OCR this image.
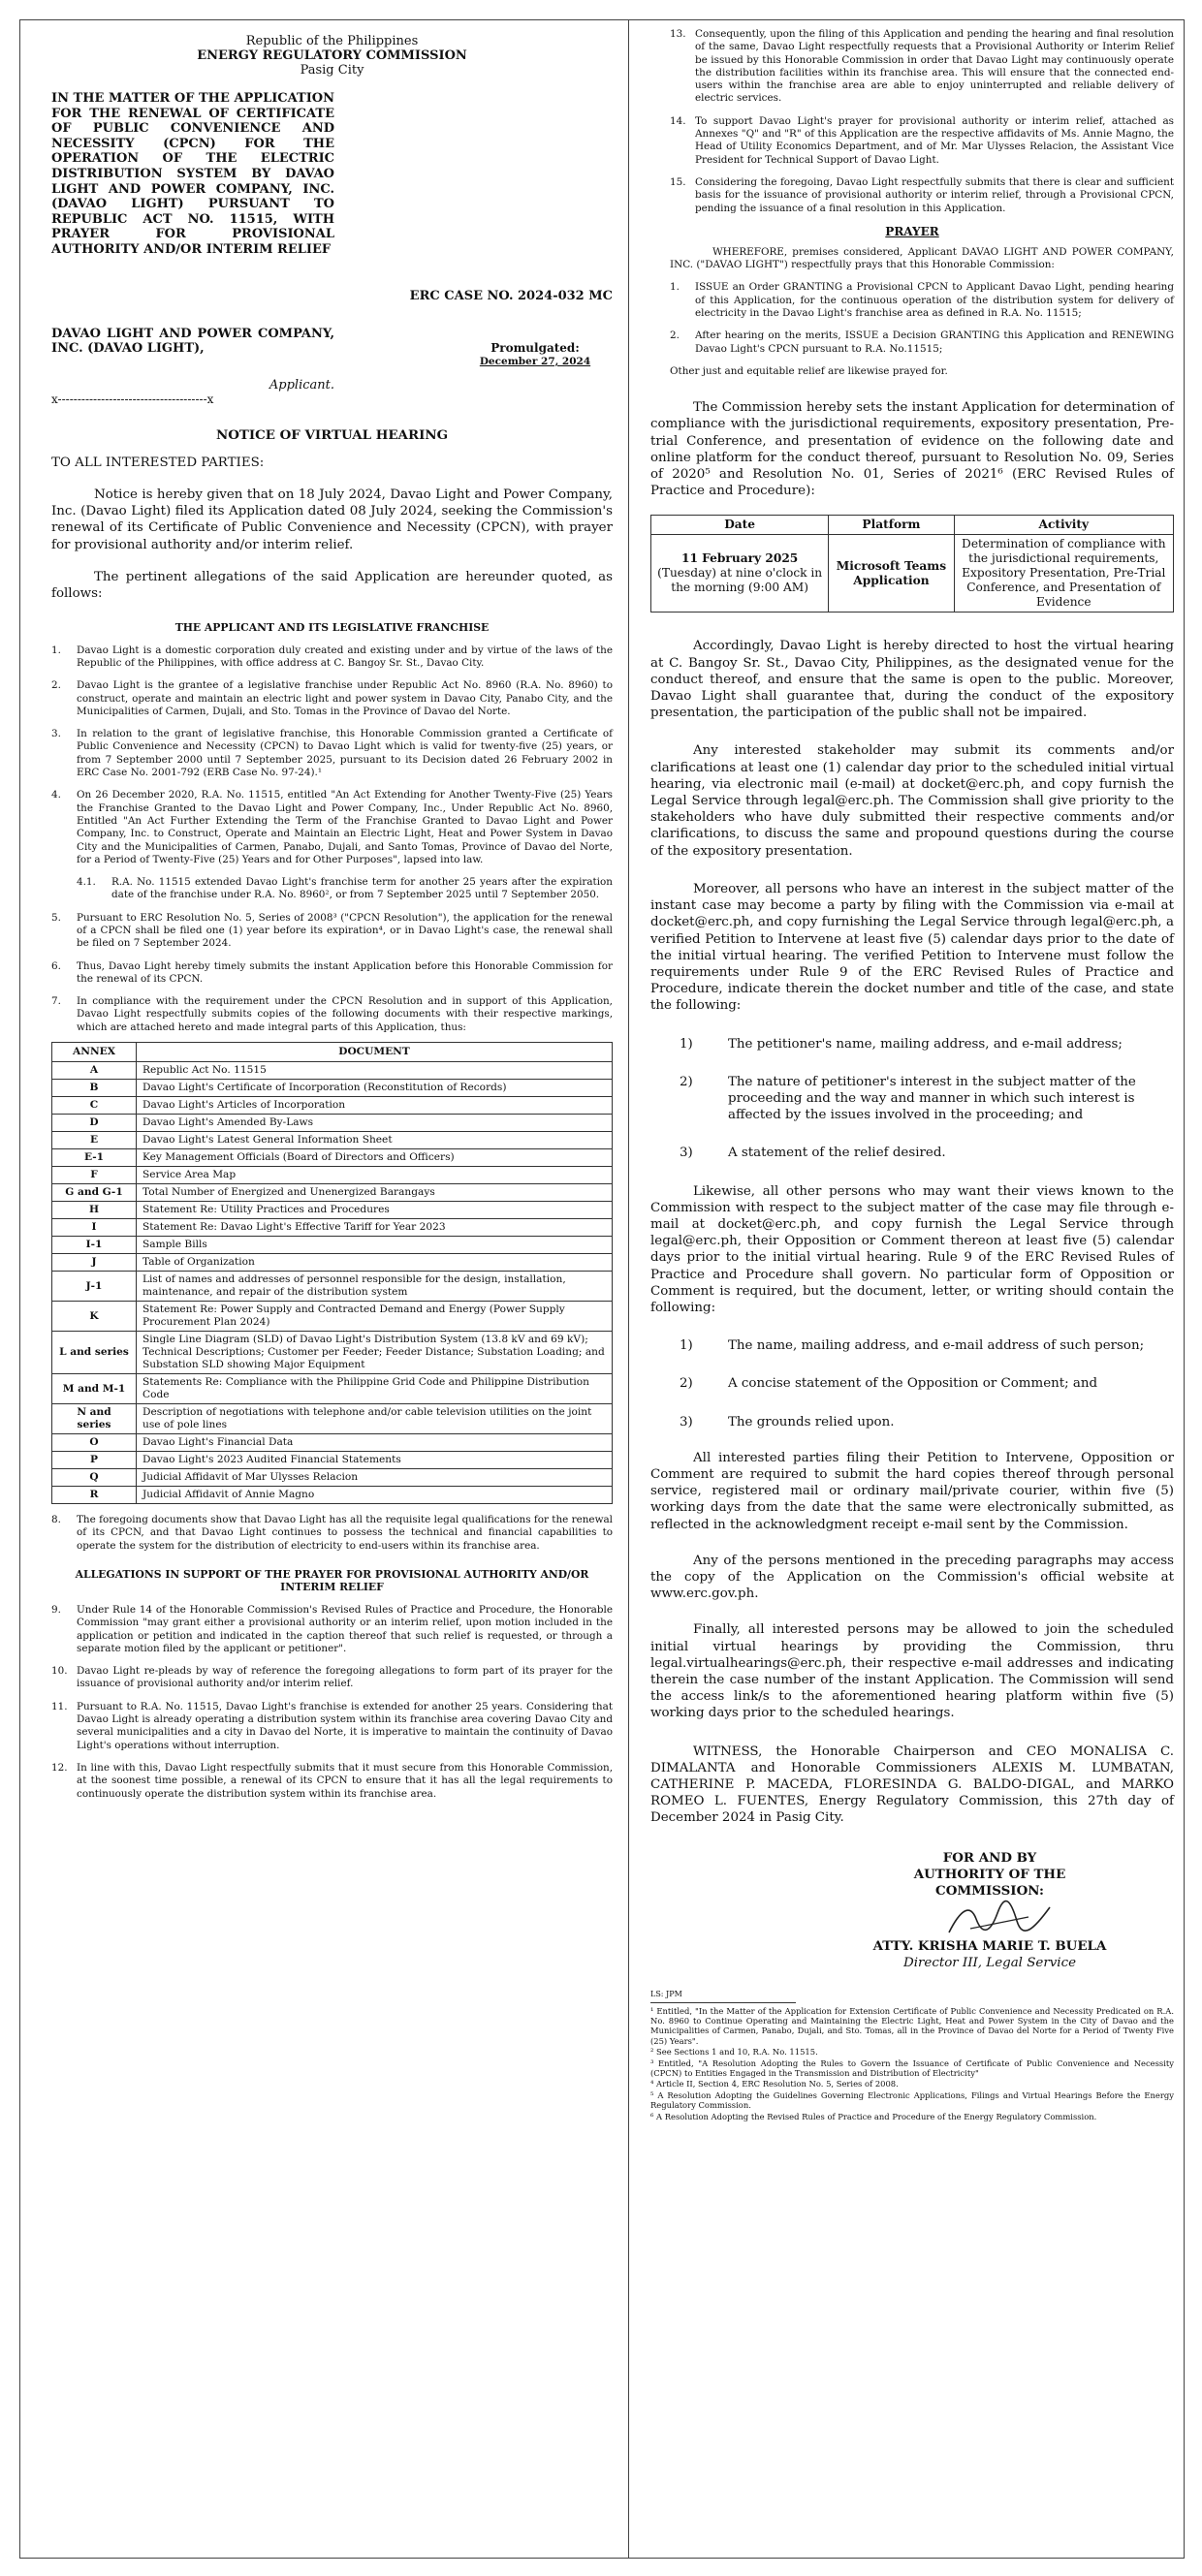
Republic of the Philippines

ENERGY REGULATORY COMMISSION

Pasig City

IN THE MATTER OF THE APPLICATION FOR THE RENEWAL OF CERTIFICATE OF PUBLIC CONVENIENCE AND NECESSITY (CPCN) FOR THE OPERATION OF THE ELECTRIC DISTRIBUTION SYSTEM BY DAVAO LIGHT AND POWER COMPANY, INC. (DAVAO LIGHT) PURSUANT TO REPUBLIC ACT NO. 11515, WITH PRAYER FOR PROVISIONAL AUTHORITY AND/OR INTERIM RELIEF

ERC CASE NO. 2024-032 MC

DAVAO LIGHT AND POWER COMPANY, INC. (DAVAO LIGHT),

Applicant.

x--------------------------------------x

Promulgated:

December 27, 2024

NOTICE OF VIRTUAL HEARING

TO ALL INTERESTED PARTIES:

Notice is hereby given that on 18 July 2024, Davao Light and Power Company, Inc. (Davao Light) filed its Application dated 08 July 2024, seeking the Commission's renewal of its Certificate of Public Convenience and Necessity (CPCN), with prayer for provisional authority and/or interim relief.

The pertinent allegations of the said Application are hereunder quoted, as follows:

THE APPLICANT AND ITS LEGISLATIVE FRANCHISE

1. Davao Light is a domestic corporation duly created and existing under and by virtue of the laws of the Republic of the Philippines, with office address at C. Bangoy Sr. St., Davao City.
2. Davao Light is the grantee of a legislative franchise under Republic Act No. 8960 (R.A. No. 8960) to construct, operate and maintain an electric light and power system in Davao City, Panabo City, and the Municipalities of Carmen, Dujali, and Sto. Tomas in the Province of Davao del Norte.
3. In relation to the grant of legislative franchise, this Honorable Commission granted a Certificate of Public Convenience and Necessity (CPCN) to Davao Light which is valid for twenty-five (25) years, or from 7 September 2000 until 7 September 2025, pursuant to its Decision dated 26 February 2002 in ERC Case No. 2001-792 (ERB Case No. 97-24).¹
4. On 26 December 2020, R.A. No. 11515, entitled "An Act Extending for Another Twenty-Five (25) Years the Franchise Granted to the Davao Light and Power Company, Inc., Under Republic Act No. 8960, Entitled "An Act Further Extending the Term of the Franchise Granted to Davao Light and Power Company, Inc. to Construct, Operate and Maintain an Electric Light, Heat and Power System in Davao City and the Municipalities of Carmen, Panabo, Dujali, and Santo Tomas, Province of Davao del Norte, for a Period of Twenty-Five (25) Years and for Other Purposes", lapsed into law.
4.1. R.A. No. 11515 extended Davao Light's franchise term for another 25 years after the expiration date of the franchise under R.A. No. 8960², or from 7 September 2025 until 7 September 2050.
5. Pursuant to ERC Resolution No. 5, Series of 2008³ ("CPCN Resolution"), the application for the renewal of a CPCN shall be filed one (1) year before its expiration⁴, or in Davao Light's case, the renewal shall be filed on 7 September 2024.
6. Thus, Davao Light hereby timely submits the instant Application before this Honorable Commission for the renewal of its CPCN.
7. In compliance with the requirement under the CPCN Resolution and in support of this Application, Davao Light respectfully submits copies of the following documents with their respective markings, which are attached hereto and made integral parts of this Application, thus:
ANNEX	DOCUMENT
A	Republic Act No. 11515
B	Davao Light's Certificate of Incorporation (Reconstitution of Records)
C	Davao Light's Articles of Incorporation
D	Davao Light's Amended By-Laws
E	Davao Light's Latest General Information Sheet
E-1	Key Management Officials (Board of Directors and Officers)
F	Service Area Map
G and G-1	Total Number of Energized and Unenergized Barangays
H	Statement Re: Utility Practices and Procedures
I	Statement Re: Davao Light's Effective Tariff for Year 2023
I-1	Sample Bills
J	Table of Organization
J-1	List of names and addresses of personnel responsible for the design, installation, maintenance, and repair of the distribution system
K	Statement Re: Power Supply and Contracted Demand and Energy (Power Supply Procurement Plan 2024)
L and series	Single Line Diagram (SLD) of Davao Light's Distribution System (13.8 kV and 69 kV); Technical Descriptions; Customer per Feeder; Feeder Distance; Substation Loading; and Substation SLD showing Major Equipment
M and M-1	Statements Re: Compliance with the Philippine Grid Code and Philippine Distribution Code
N and series	Description of negotiations with telephone and/or cable television utilities on the joint use of pole lines
O	Davao Light's Financial Data
P	Davao Light's 2023 Audited Financial Statements
Q	Judicial Affidavit of Mar Ulysses Relacion
R	Judicial Affidavit of Annie Magno
8. The foregoing documents show that Davao Light has all the requisite legal qualifications for the renewal of its CPCN, and that Davao Light continues to possess the technical and financial capabilities to operate the system for the distribution of electricity to end-users within its franchise area.

ALLEGATIONS IN SUPPORT OF THE PRAYER FOR PROVISIONAL AUTHORITY AND/OR INTERIM RELIEF

9. Under Rule 14 of the Honorable Commission's Revised Rules of Practice and Procedure, the Honorable Commission "may grant either a provisional authority or an interim relief, upon motion included in the application or petition and indicated in the caption thereof that such relief is requested, or through a separate motion filed by the applicant or petitioner".
10. Davao Light re-pleads by way of reference the foregoing allegations to form part of its prayer for the issuance of provisional authority and/or interim relief.
11. Pursuant to R.A. No. 11515, Davao Light's franchise is extended for another 25 years. Considering that Davao Light is already operating a distribution system within its franchise area covering Davao City and several municipalities and a city in Davao del Norte, it is imperative to maintain the continuity of Davao Light's operations without interruption.
12. In line with this, Davao Light respectfully submits that it must secure from this Honorable Commission, at the soonest time possible, a renewal of its CPCN to ensure that it has all the legal requirements to continuously operate the distribution system within its franchise area.
13. Consequently, upon the filing of this Application and pending the hearing and final resolution of the same, Davao Light respectfully requests that a Provisional Authority or Interim Relief be issued by this Honorable Commission in order that Davao Light may continuously operate the distribution facilities within its franchise area. This will ensure that the connected end-users within the franchise area are able to enjoy uninterrupted and reliable delivery of electric services.
14. To support Davao Light's prayer for provisional authority or interim relief, attached as Annexes "Q" and "R" of this Application are the respective affidavits of Ms. Annie Magno, the Head of Utility Economics Department, and of Mr. Mar Ulysses Relacion, the Assistant Vice President for Technical Support of Davao Light.
15. Considering the foregoing, Davao Light respectfully submits that there is clear and sufficient basis for the issuance of provisional authority or interim relief, through a Provisional CPCN, pending the issuance of a final resolution in this Application.

PRAYER

WHEREFORE, premises considered, Applicant DAVAO LIGHT AND POWER COMPANY, INC. ("DAVAO LIGHT") respectfully prays that this Honorable Commission:

1. ISSUE an Order GRANTING a Provisional CPCN to Applicant Davao Light, pending hearing of this Application, for the continuous operation of the distribution system for delivery of electricity in the Davao Light's franchise area as defined in R.A. No. 11515;
2. After hearing on the merits, ISSUE a Decision GRANTING this Application and RENEWING Davao Light's CPCN pursuant to R.A. No.11515;

Other just and equitable relief are likewise prayed for.

The Commission hereby sets the instant Application for determination of compliance with the jurisdictional requirements, expository presentation, Pre-trial Conference, and presentation of evidence on the following date and online platform for the conduct thereof, pursuant to Resolution No. 09, Series of 2020⁵ and Resolution No. 01, Series of 2021⁶ (ERC Revised Rules of Practice and Procedure):

Date	Platform	Activity

11 February 2025
(Tuesday) at nine o'clock in the morning (9:00 AM)	Microsoft Teams Application	Determination of compliance with the jurisdictional requirements, Expository Presentation, Pre-Trial Conference, and Presentation of Evidence

Accordingly, Davao Light is hereby directed to host the virtual hearing at C. Bangoy Sr. St., Davao City, Philippines, as the designated venue for the conduct thereof, and ensure that the same is open to the public. Moreover, Davao Light shall guarantee that, during the conduct of the expository presentation, the participation of the public shall not be impaired.

Any interested stakeholder may submit its comments and/or clarifications at least one (1) calendar day prior to the scheduled initial virtual hearing, via electronic mail (e-mail) at docket@erc.ph, and copy furnish the Legal Service through legal@erc.ph. The Commission shall give priority to the stakeholders who have duly submitted their respective comments and/or clarifications, to discuss the same and propound questions during the course of the expository presentation.

Moreover, all persons who have an interest in the subject matter of the instant case may become a party by filing with the Commission via e-mail at docket@erc.ph, and copy furnishing the Legal Service through legal@erc.ph, a verified Petition to Intervene at least five (5) calendar days prior to the date of the initial virtual hearing. The verified Petition to Intervene must follow the requirements under Rule 9 of the ERC Revised Rules of Practice and Procedure, indicate therein the docket number and title of the case, and state the following:

1)	The petitioner's name, mailing address, and e-mail address;
2)	The nature of petitioner's interest in the subject matter of the proceeding and the way and manner in which such interest is affected by the issues involved in the proceeding; and
3)	A statement of the relief desired.

Likewise, all other persons who may want their views known to the Commission with respect to the subject matter of the case may file through e-mail at docket@erc.ph, and copy furnish the Legal Service through legal@erc.ph, their Opposition or Comment thereon at least five (5) calendar days prior to the initial virtual hearing. Rule 9 of the ERC Revised Rules of Practice and Procedure shall govern. No particular form of Opposition or Comment is required, but the document, letter, or writing should contain the following:

1)	The name, mailing address, and e-mail address of such person;
2)	A concise statement of the Opposition or Comment; and
3)	The grounds relied upon.

All interested parties filing their Petition to Intervene, Opposition or Comment are required to submit the hard copies thereof through personal service, registered mail or ordinary mail/private courier, within five (5) working days from the date that the same were electronically submitted, as reflected in the acknowledgment receipt e-mail sent by the Commission.

Any of the persons mentioned in the preceding paragraphs may access the copy of the Application on the Commission's official website at www.erc.gov.ph.

Finally, all interested persons may be allowed to join the scheduled initial virtual hearings by providing the Commission, thru legal.virtualhearings@erc.ph, their respective e-mail addresses and indicating therein the case number of the instant Application. The Commission will send the access link/s to the aforementioned hearing platform within five (5) working days prior to the scheduled hearings.

WITNESS, the Honorable Chairperson and CEO MONALISA C. DIMALANTA and Honorable Commissioners ALEXIS M. LUMBATAN, CATHERINE P. MACEDA, FLORESINDA G. BALDO-DIGAL, and MARKO ROMEO L. FUENTES, Energy Regulatory Commission, this 27th day of December 2024 in Pasig City.

FOR AND BY AUTHORITY OF THE COMMISSION:

ATTY. KRISHA MARIE T. BUELA

Director III, Legal Service

LS: JPM

¹ Entitled, "In the Matter of the Application for Extension Certificate of Public Convenience and Necessity Predicated on R.A. No. 8960 to Continue Operating and Maintaining the Electric Light, Heat and Power System in the City of Davao and the Municipalities of Carmen, Panabo, Dujali, and Sto. Tomas, all in the Province of Davao del Norte for a Period of Twenty Five (25) Years".

² See Sections 1 and 10, R.A. No. 11515.

³ Entitled, "A Resolution Adopting the Rules to Govern the Issuance of Certificate of Public Convenience and Necessity (CPCN) to Entities Engaged in the Transmission and Distribution of Electricity"

⁴ Article II, Section 4, ERC Resolution No. 5, Series of 2008.

⁵ A Resolution Adopting the Guidelines Governing Electronic Applications, Filings and Virtual Hearings Before the Energy Regulatory Commission.

⁶ A Resolution Adopting the Revised Rules of Practice and Procedure of the Energy Regulatory Commission.
